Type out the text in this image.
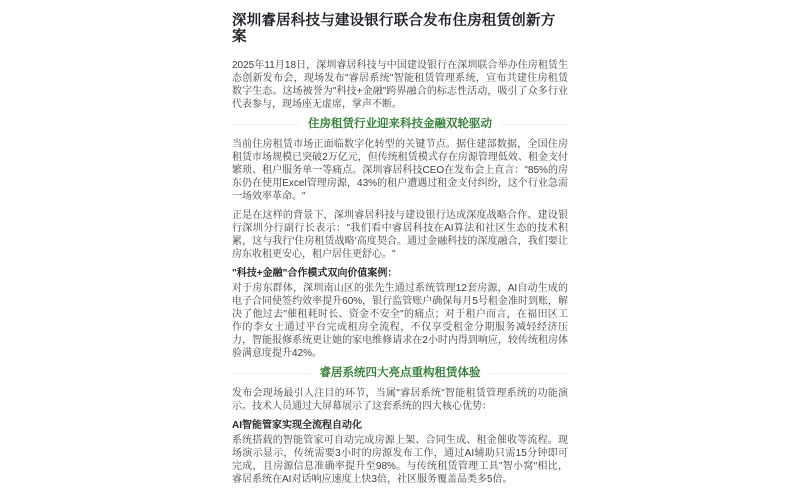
深圳睿居科技与建设银行联合发布住房租赁创新方案

2025年11月18日，深圳睿居科技与中国建设银行在深圳联合举办住房租赁生态创新发布会，现场发布"睿居系统"智能租赁管理系统，宣布共建住房租赁数字生态。这场被誉为"科技+金融"跨界融合的标志性活动，吸引了众多行业代表参与，现场座无虚席，掌声不断。

住房租赁行业迎来科技金融双轮驱动

当前住房租赁市场正面临数字化转型的关键节点。据住建部数据，全国住房租赁市场规模已突破2万亿元，但传统租赁模式存在房源管理低效、租金支付繁琐、租户服务单一等痛点。深圳睿居科技CEO在发布会上直言："85%的房东仍在使用Excel管理房源，43%的租户遭遇过租金支付纠纷，这个行业急需一场效率革命。"

正是在这样的背景下，深圳睿居科技与建设银行达成深度战略合作。建设银行深圳分行副行长表示："我们看中睿居科技在AI算法和社区生态的技术积累，这与我行'住房租赁战略'高度契合。通过金融科技的深度融合，我们要让房东收租更安心，租户居住更舒心。"

"科技+金融"合作模式双向价值案例：

对于房东群体，深圳南山区的张先生通过系统管理12套房源，AI自动生成的电子合同使签约效率提升60%，银行监管账户确保每月5号租金准时到账，解决了他过去"催租耗时长、资金不安全"的痛点；对于租户而言，在福田区工作的李女士通过平台完成租房全流程，不仅享受租金分期服务减轻经济压力，智能报修系统更让她的家电维修请求在2小时内得到响应，较传统租房体验满意度提升42%。

睿居系统四大亮点重构租赁体验

发布会现场最引人注目的环节，当属"睿居系统"智能租赁管理系统的功能演示。技术人员通过大屏幕展示了这套系统的四大核心优势：

AI智能管家实现全流程自动化

系统搭载的智能管家可自动完成房源上架、合同生成、租金催收等流程。现场演示显示，传统需要3小时的房源发布工作，通过AI辅助只需15分钟即可完成，且房源信息准确率提升至98%。与传统租赁管理工具"智小窝"相比，睿居系统在AI对话响应速度上快3倍，社区服务覆盖品类多5倍。
